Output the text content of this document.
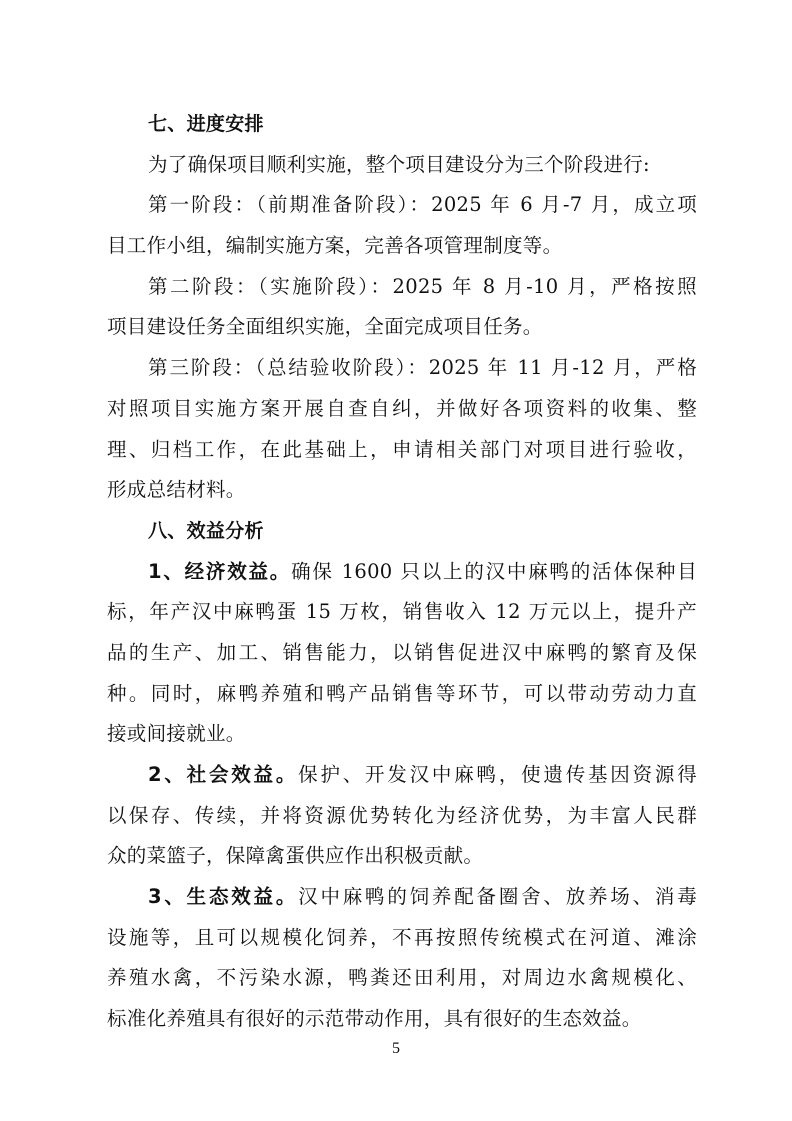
七、进度安排
为了确保项目顺利实施，整个项目建设分为三个阶段进行:
第一阶段：（前期准备阶段）：2025 年 6 月-7 月，成立项
目工作小组，编制实施方案，完善各项管理制度等。
第二阶段：（实施阶段）：2025 年 8 月-10 月，严格按照
项目建设任务全面组织实施，全面完成项目任务。
第三阶段：（总结验收阶段）：2025 年 11 月-12 月，严格
对照项目实施方案开展自查自纠，并做好各项资料的收集、整
理、归档工作，在此基础上，申请相关部门对项目进行验收，
形成总结材料。
八、效益分析
1、经济效益。确保 1600 只以上的汉中麻鸭的活体保种目
标，年产汉中麻鸭蛋 15 万枚，销售收入 12 万元以上，提升产
品的生产、加工、销售能力，以销售促进汉中麻鸭的繁育及保
种。同时，麻鸭养殖和鸭产品销售等环节，可以带动劳动力直
接或间接就业。
2、社会效益。保护、开发汉中麻鸭，使遗传基因资源得
以保存、传续，并将资源优势转化为经济优势，为丰富人民群
众的菜篮子，保障禽蛋供应作出积极贡献。
3、生态效益。汉中麻鸭的饲养配备圈舍、放养场、消毒
设施等，且可以规模化饲养，不再按照传统模式在河道、滩涂
养殖水禽，不污染水源，鸭粪还田利用，对周边水禽规模化、
标准化养殖具有很好的示范带动作用，具有很好的生态效益。
5
